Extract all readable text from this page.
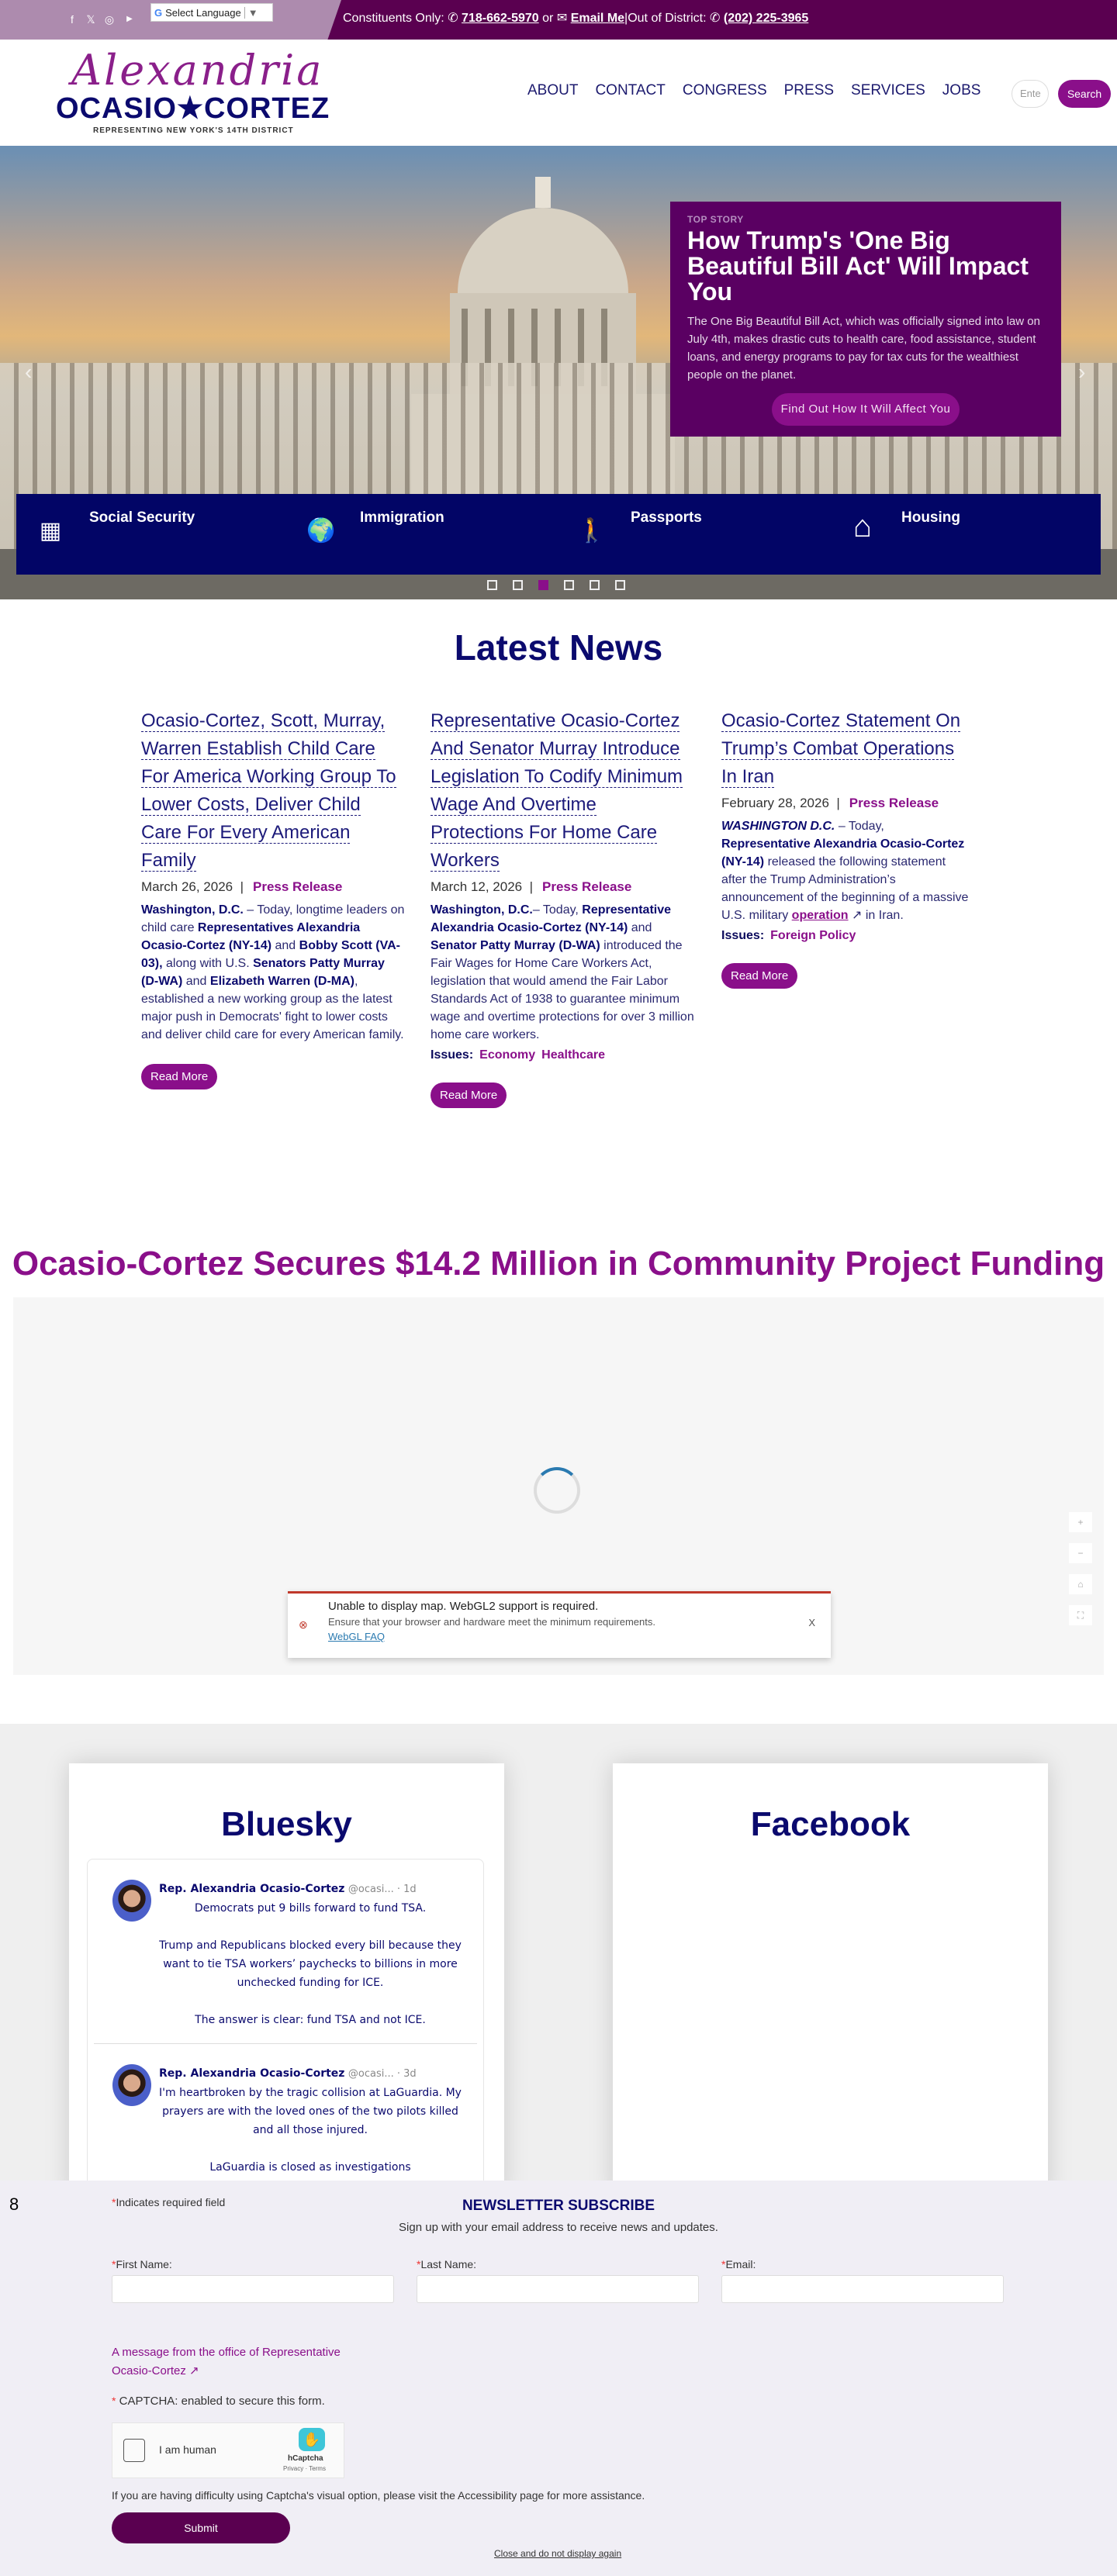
f	𝕏 ◎	▶
G Select Language ▼	Constituents Only: ✆ 718-662-5970 or ✉ Email Me|Out of District: ✆ (202) 225-3965
Alexandria
OCASIO★CORTEZ
REPRESENTING NEW YORK'S 14TH DISTRICT
ABOUT CONTACT CONGRESS PRESS SERVICES JOBS	Ente	Search
‹	›
TOP STORY
How Trump's 'One Big Beautiful Bill Act' Will Impact You

The One Big Beautiful Bill Act, which was officially signed into law on July 4th, makes drastic cuts to health care, food assistance, student loans, and energy programs to pay for tax cuts for the wealthiest people on the planet.

Find Out How It Will Affect You
▦
Social Security
🌍
Immigration
🚶
Passports	⌂	Housing
Latest News
Ocasio-Cortez, Scott, Murray, Warren Establish Child Care For America Working Group To Lower Costs, Deliver Child Care For Every American Family
March 26, 2026 | Press Release
Washington, D.C. – Today, longtime leaders on child care Representatives Alexandria Ocasio-Cortez (NY-14) and Bobby Scott (VA-03), along with U.S. Senators Patty Murray (D-WA) and Elizabeth Warren (D-MA), established a new working group as the latest major push in Democrats' fight to lower costs and deliver child care for every American family.
Read More
Representative Ocasio-Cortez And Senator Murray Introduce Legislation To Codify Minimum Wage And Overtime Protections For Home Care Workers
March 12, 2026 | Press Release
Washington, D.C.– Today, Representative Alexandria Ocasio-Cortez (NY-14) and Senator Patty Murray (D-WA) introduced the Fair Wages for Home Care Workers Act, legislation that would amend the Fair Labor Standards Act of 1938 to guarantee minimum wage and overtime protections for over 3 million home care workers.
Issues: Economy Healthcare
Read More
Ocasio-Cortez Statement On Trump’s Combat Operations In Iran
February 28, 2026 | Press Release
WASHINGTON D.C. – Today, Representative Alexandria Ocasio-Cortez (NY-14) released the following statement after the Trump Administration’s announcement of the beginning of a massive U.S. military operation ↗ in Iran.
Issues: Foreign Policy
Read More
Ocasio-Cortez Secures $14.2 Million in Community Project Funding
+
−
⌂
⛶
⊗
Unable to display map. WebGL2 support is required.
Ensure that your browser and hardware meet the minimum requirements.
WebGL FAQ
X
Bluesky
Rep. Alexandria Ocasio-Cortez @ocasi... · 1d
Democrats put 9 bills forward to fund TSA.

Trump and Republicans blocked every bill because they want to tie TSA workers’ paychecks to billions in more unchecked funding for ICE.

The answer is clear: fund TSA and not ICE.
Rep. Alexandria Ocasio-Cortez @ocasi... · 3d
I'm heartbroken by the tragic collision at LaGuardia. My prayers are with the loved ones of the two pilots killed and all those injured.

LaGuardia is closed as investigations
Facebook
8	*Indicates required field	NEWSLETTER SUBSCRIBE
Sign up with your email address to receive news and updates.
*First Name:	*Last Name:	*Email:
A message from the office of Representative Ocasio-Cortez ↗
* CAPTCHA: enabled to secure this form.
I am human
✋
hCaptcha
Privacy · Terms
If you are having difficulty using Captcha's visual option, please visit the Accessibility page for more assistance.
Submit
Close and do not display again
